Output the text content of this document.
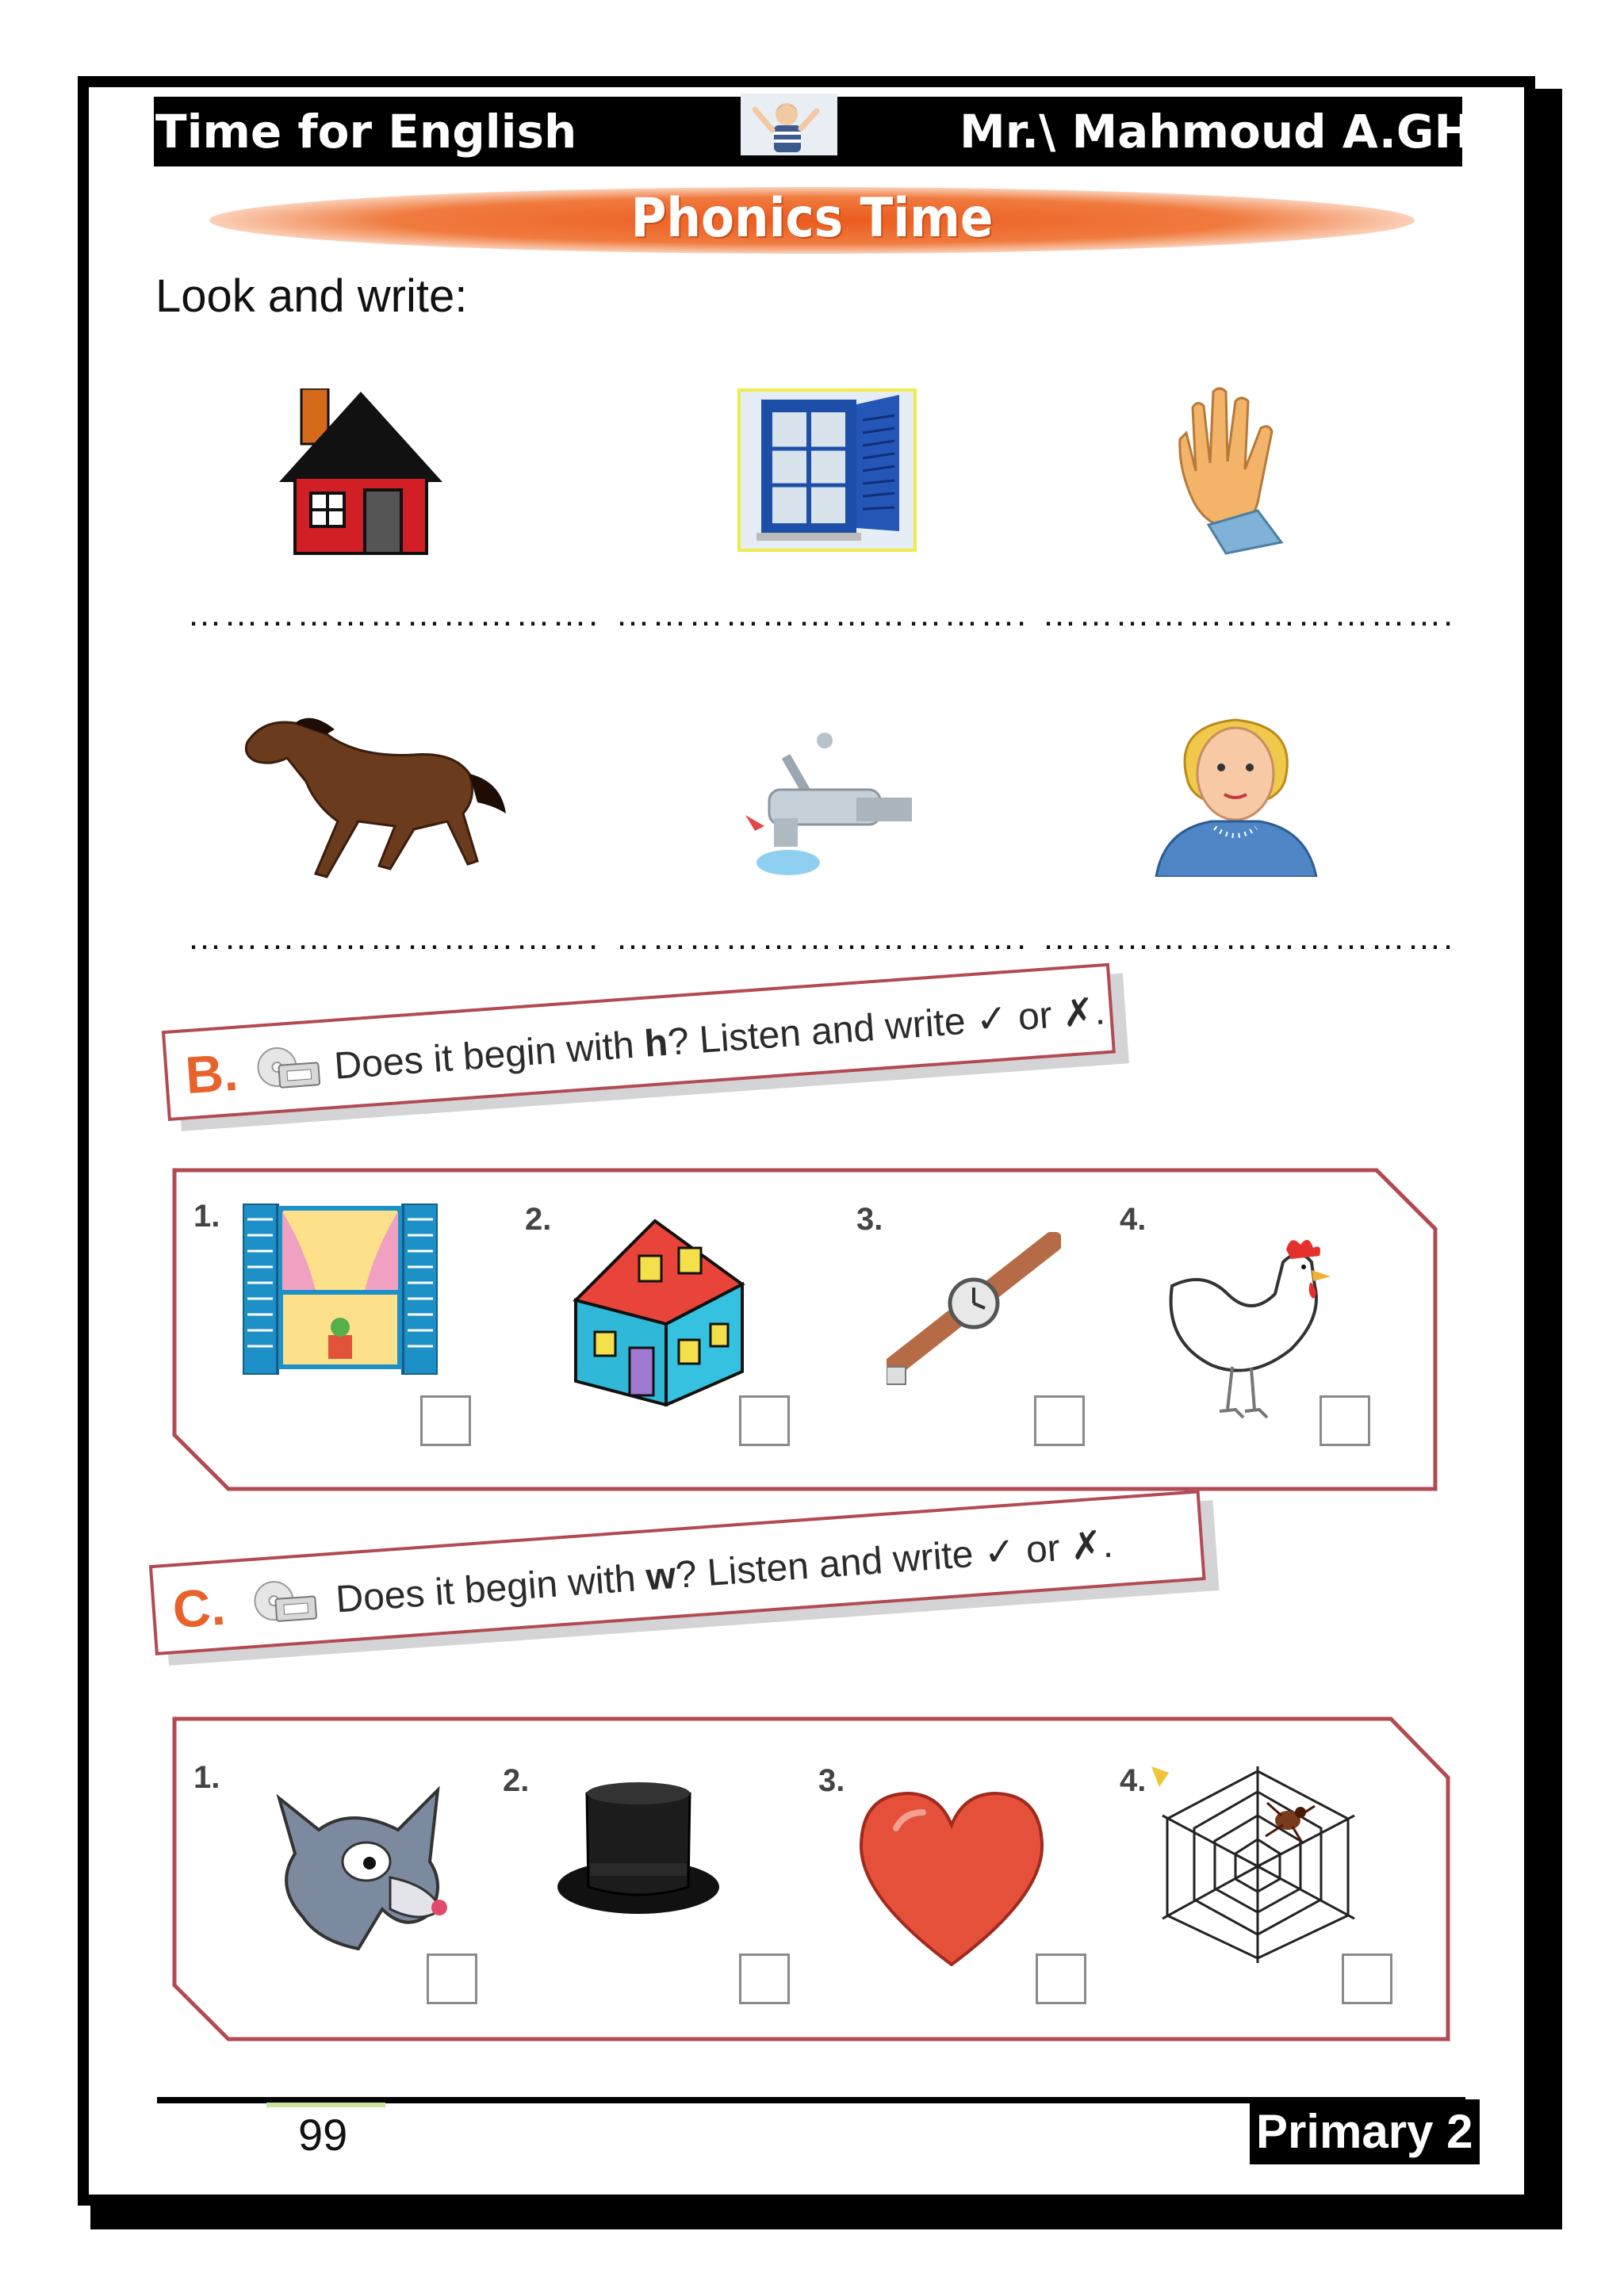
Time for English	Mr.\ Mahmoud A.GH.
Phonics Time
Look and write:
……………………………. ……………………………. …………………………….
……………………………. ……………………………. …………………………….
B. Does it begin with h? Listen and write ✓ or ✗.
1.	2.	3.	4.
C.	Does it begin with w? Listen and write ✓ or ✗.
1.	2.	3.	4.
99	Primary 2
